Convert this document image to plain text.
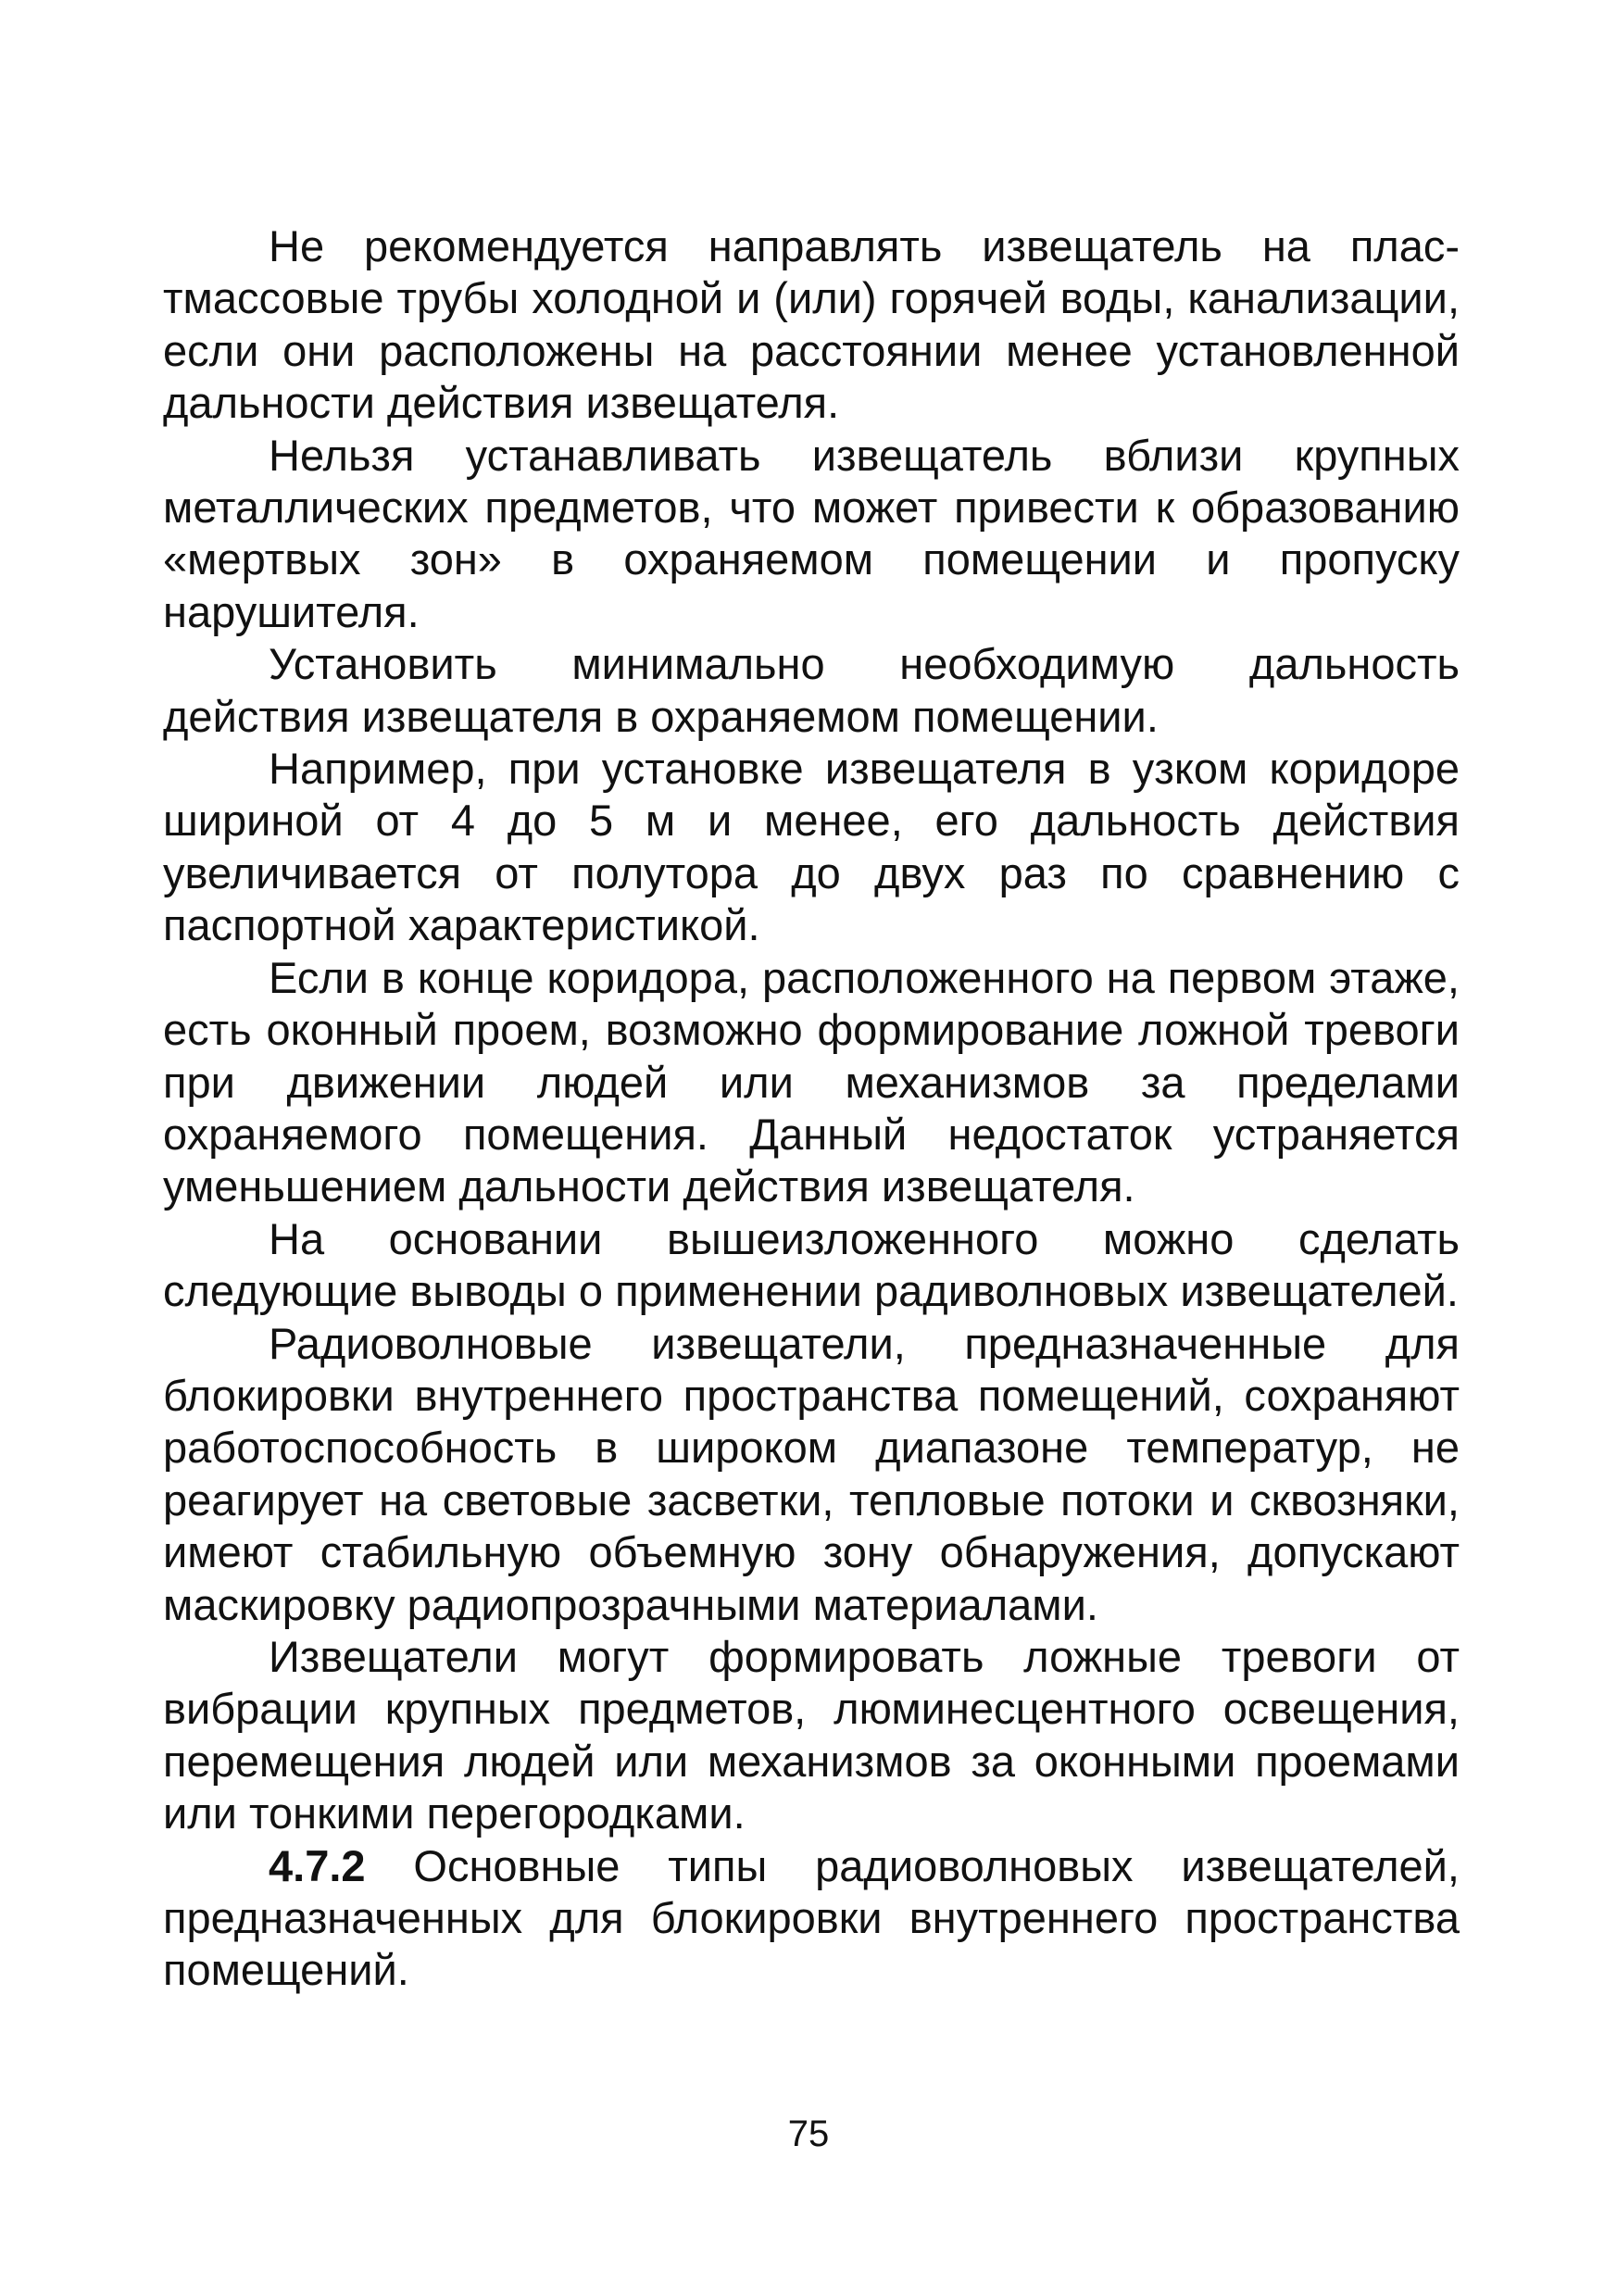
Не рекомендуется направлять извещатель на плаcтмассовые трубы холодной и (или) горячей воды, канализации, если они расположены на расстоянии менее установленной дальности действия извещателя.

Нельзя устанавливать извещатель вблизи крупных металлических предметов, что может привести к образованию «мертвых зон» в охраняемом помещении и пропуску нарушителя.

Установить минимально необходимую дальность действия извещателя в охраняемом помещении.

Например, при установке извещателя в узком коридоре шириной от 4 до 5 м и менее, его дальность действия увеличивается от полутора до двух раз по сравнению с паспортной характеристикой.

Если в конце коридора, расположенного на первом этаже, есть оконный проем, возможно формирование ложной тревоги при движении людей или механизмов за пределами охраняемого помещения. Данный недостаток устраняется уменьшением дальности действия извещателя.

На основании вышеизложенного можно сделать следующие выводы о применении радиволновых извещателей.

Радиоволновые извещатели, предназначенные для блокировки внутреннего пространства помещений, сохраняют работоспособность в широком диапазоне температур, не реагирует на световые засветки, тепловые потоки и сквозняки, имеют стабильную объемную зону обнаружения, допускают маскировку радиопрозрачными материалами.

Извещатели могут формировать ложные тревоги от вибрации крупных предметов, люминесцентного освещения, перемещения людей или механизмов за оконными проемами или тонкими перегородками.

4.7.2 Основные типы радиоволновых извещателей, предназначенных для блокировки внутреннего пространства помещений.

75
